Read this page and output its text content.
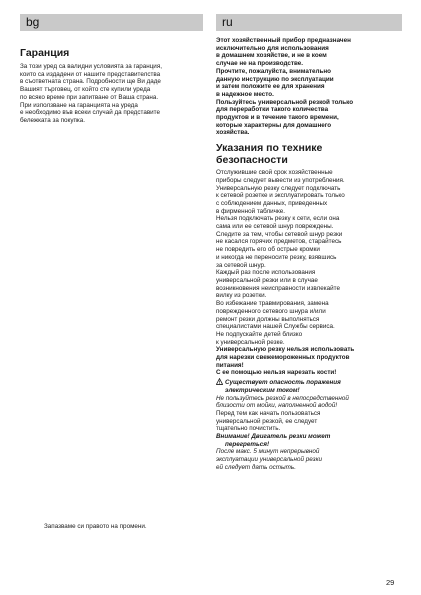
bg
Гаранция
За този уред са валидни условията за гаранция,
които са издадени от нашите представителства
в съответната страна. Подробности ще Ви даде
Вашият търговец, от който сте купили уреда
по всяко време при запитване от Ваша страна.
При използване на гаранцията на уреда
е необходимо във всеки случай да представите
бележката за покупка.
Запазваме си правото на промени.
ru
Этот хозяйственный прибор предназначен
исключительно для использования
в домашнем хозяйстве, и не в коем
случае не на производстве.
Прочтите, пожалуйста, внимательно
данную инструкцию по эксплуатации
и затем положите ее для хранения
в надежное место.
Пользуйтесь универсальной резкой только
для переработки такого количества
продуктов и в течение такого времени,
которые характерны для домашнего
хозяйства.
Указания по технике
безопасности
Отслужившие свой срок хозяйственные
приборы следует вывести из употребления.
Универсальную резку следует подключать
к сетевой розетке и эксплуатировать только
с соблюдением данных, приведенных
в фирменной табличке.
Нельзя подключать резку к сети, если она
сама или ее сетевой шнур повреждены.
Следите за тем, чтобы сетевой шнур резки
не касался горячих предметов, старайтесь
не повредить его об острые кромки
и никогда не переносите резку, взявшись
за сетевой шнур.
Каждый раз после использования
универсальной резки или в случае
возникновения неисправности извлекайте
вилку из розетки.
Во избежание травмирования, замена
поврежденного сетевого шнура и/или
ремонт резки должны выполняться
специалистами нашей Службы сервиса.
Не подпускайте детей близко
к универсальной резке.
Универсальную резку нельзя использовать
для нарезки свежемороженных продуктов
питания!
С ее помощью нельзя нарезать кости!
Существует опасность поражения
электрическим током!
Не пользуйтесь резкой в непосредственной
близости от мойки, наполненной водой!
Перед тем как начать пользоваться
универсальной резкой, ее следует
тщательно почистить.
Внимание! Двигатель резки может
перегреться!
После макс. 5 минут непрерывной
эксплуатации универсальной резки
ей следует дать остыть.
29
